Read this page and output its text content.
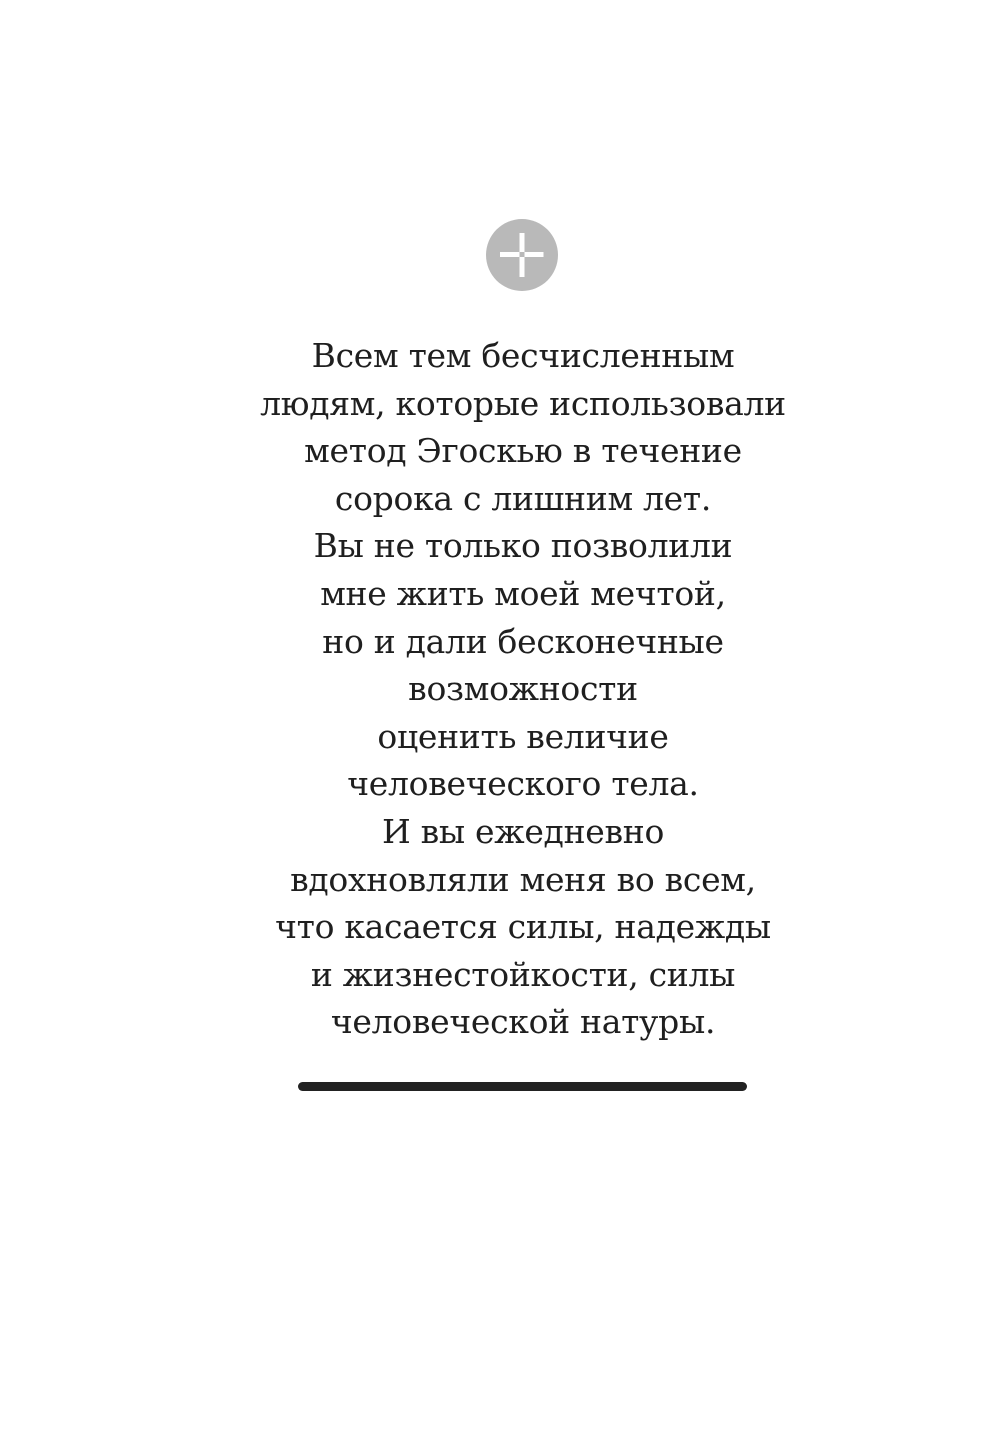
Всем тем бесчисленным
людям, которые использовали
метод Эгоскью в течение
сорока с лишним лет.
Вы не только позволили
мне жить моей мечтой,
но и дали бесконечные
возможности
оценить величие
человеческого тела.
И вы ежедневно
вдохновляли меня во всем,
что касается силы, надежды
и жизнестойкости, силы
человеческой натуры.
